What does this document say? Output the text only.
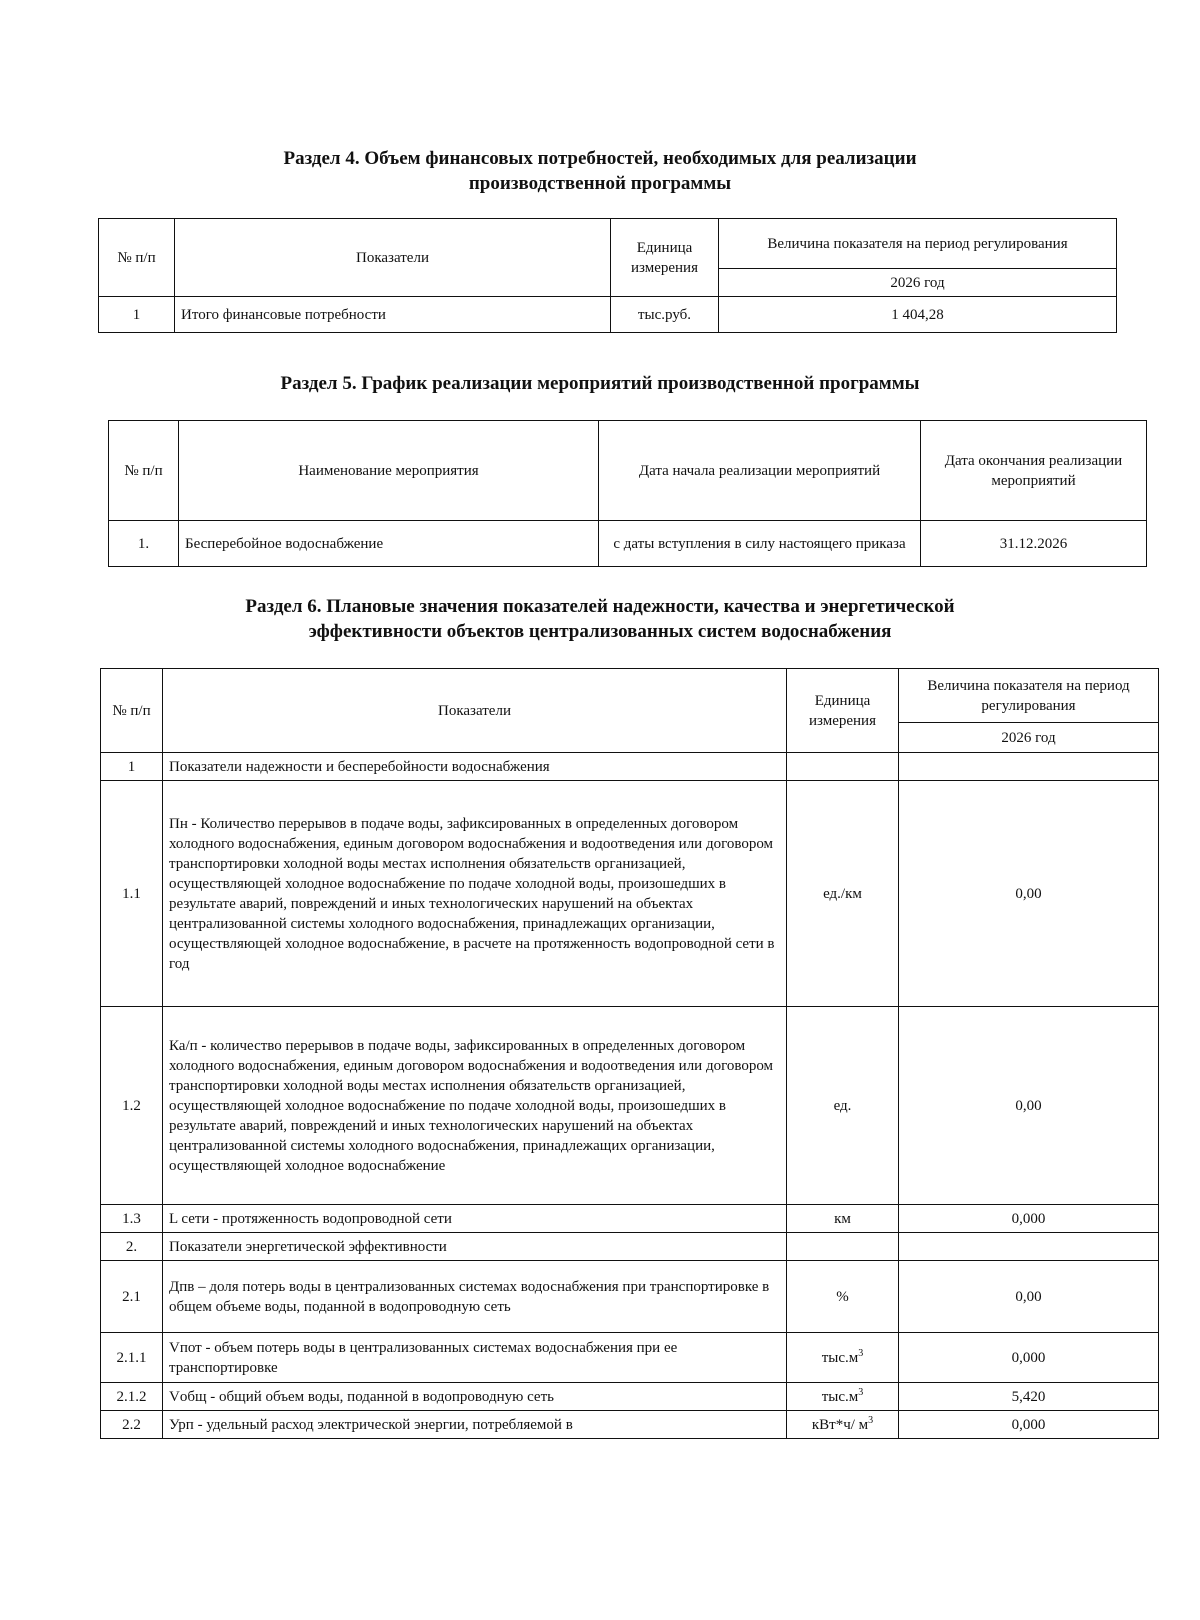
Раздел 4. Объем финансовых потребностей, необходимых для реализации
производственной программы
№ п/п	Показатели	Единица измерения	Величина показателя на период регулирования
			2026 год
1	Итого финансовые потребности	тыс.руб.	1 404,28
Раздел 5. График реализации мероприятий производственной программы
№ п/п	Наименование мероприятия	Дата начала реализации мероприятий	Дата окончания реализации мероприятий
1.	Бесперебойное водоснабжение	с даты вступления в силу настоящего приказа	31.12.2026
Раздел 6. Плановые значения показателей надежности, качества и энергетической
эффективности объектов централизованных систем водоснабжения
№ п/п	Показатели	Единица измерения	Величина показателя на период регулирования
			2026 год
1	Показатели надежности и бесперебойности водоснабжения		
1.1	Пн - Количество перерывов в подаче воды, зафиксированных в определенных договором холодного водоснабжения, единым договором водоснабжения и водоотведения или договором транспортировки холодной воды местах исполнения обязательств организацией, осуществляющей холодное водоснабжение по подаче холодной воды, произошедших в результате аварий, повреждений и иных технологических нарушений на объектах централизованной системы холодного водоснабжения, принадлежащих организации, осуществляющей холодное водоснабжение, в расчете на протяженность водопроводной сети в год	ед./км	0,00
1.2	Ка/п - количество перерывов в подаче воды, зафиксированных в определенных договором холодного водоснабжения, единым договором водоснабжения и водоотведения или договором транспортировки холодной воды местах исполнения обязательств организацией, осуществляющей холодное водоснабжение по подаче холодной воды, произошедших в результате аварий, повреждений и иных технологических нарушений на объектах централизованной системы холодного водоснабжения, принадлежащих организации, осуществляющей холодное водоснабжение	ед.	0,00
1.3	L сети - протяженность водопроводной сети	км	0,000
2.	Показатели энергетической эффективности		
2.1	Дпв – доля потерь воды в централизованных системах водоснабжения при транспортировке в общем объеме воды, поданной в водопроводную сеть	%	0,00
2.1.1	Vпот - объем потерь воды в централизованных системах водоснабжения при ее транспортировке	$тыс.м^3$	0,000
2.1.2	Vобщ - общий объем воды, поданной в водопроводную сеть	$тыс.м^3$	5,420
2.2	Урп - удельный расход электрической энергии, потребляемой в	кВт*ч/ $м^3$	0,000
